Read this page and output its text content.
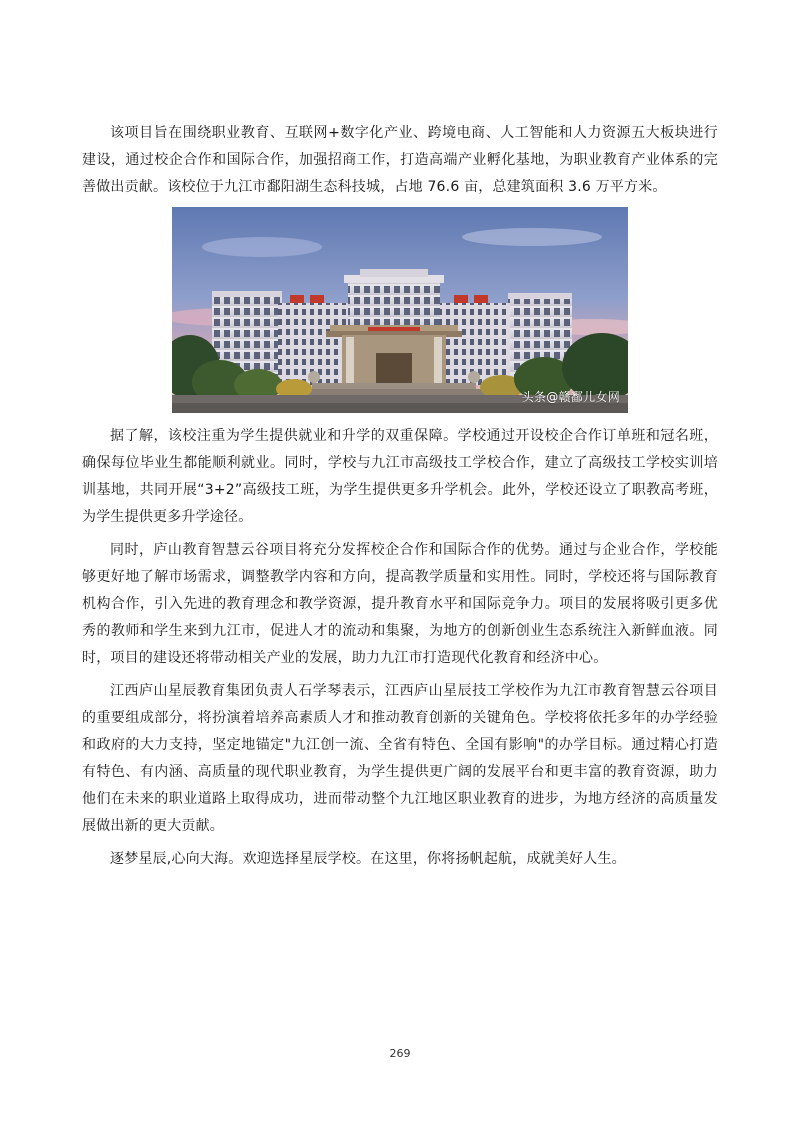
该项目旨在围绕职业教育、互联网+数字化产业、跨境电商、人工智能和人力资源五大板块进行建设，通过校企合作和国际合作，加强招商工作，打造高端产业孵化基地，为职业教育产业体系的完善做出贡献。该校位于九江市鄱阳湖生态科技城，占地 76.6 亩，总建筑面积 3.6 万平方米。

头条@赣鄱儿女网

据了解，该校注重为学生提供就业和升学的双重保障。学校通过开设校企合作订单班和冠名班，确保每位毕业生都能顺利就业。同时，学校与九江市高级技工学校合作，建立了高级技工学校实训培训基地，共同开展“3+2”高级技工班，为学生提供更多升学机会。此外，学校还设立了职教高考班，为学生提供更多升学途径。

同时，庐山教育智慧云谷项目将充分发挥校企合作和国际合作的优势。通过与企业合作，学校能够更好地了解市场需求，调整教学内容和方向，提高教学质量和实用性。同时，学校还将与国际教育机构合作，引入先进的教育理念和教学资源，提升教育水平和国际竞争力。项目的发展将吸引更多优秀的教师和学生来到九江市，促进人才的流动和集聚，为地方的创新创业生态系统注入新鲜血液。同时，项目的建设还将带动相关产业的发展，助力九江市打造现代化教育和经济中心。

江西庐山星辰教育集团负责人石学琴表示，江西庐山星辰技工学校作为九江市教育智慧云谷项目的重要组成部分，将扮演着培养高素质人才和推动教育创新的关键角色。学校将依托多年的办学经验和政府的大力支持，坚定地锚定"九江创一流、全省有特色、全国有影响"的办学目标。通过精心打造有特色、有内涵、高质量的现代职业教育，为学生提供更广阔的发展平台和更丰富的教育资源，助力他们在未来的职业道路上取得成功，进而带动整个九江地区职业教育的进步，为地方经济的高质量发展做出新的更大贡献。

逐梦星辰,心向大海。欢迎选择星辰学校。在这里，你将扬帆起航，成就美好人生。

269
